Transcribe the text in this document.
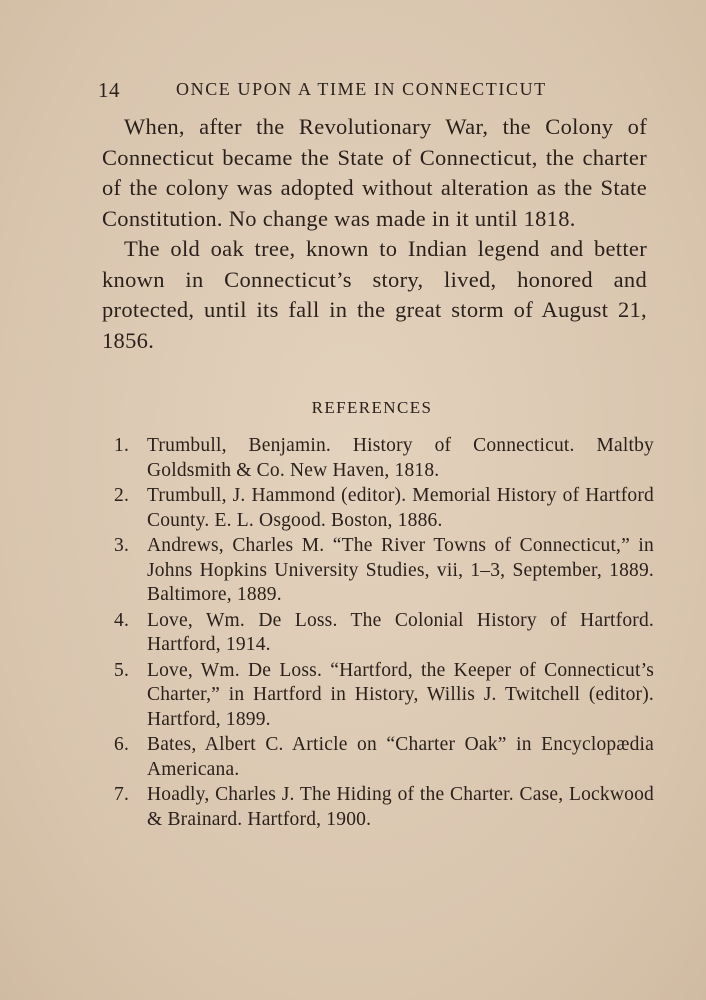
14	ONCE UPON A TIME IN CONNECTICUT

When, after the Revolutionary War, the Colony of Connecticut became the State of Connecticut, the charter of the colony was adopted without alteration as the State Constitution. No change was made in it until 1818.

The old oak tree, known to Indian legend and better known in Connecticut’s story, lived, honored and protected, until its fall in the great storm of August 21, 1856.

REFERENCES
1. Trumbull, Benjamin. History of Connecticut. Maltby Goldsmith & Co. New Haven, 1818.
2. Trumbull, J. Hammond (editor). Memorial History of Hartford County. E. L. Osgood. Boston, 1886.
3. Andrews, Charles M. “The River Towns of Connecticut,” in Johns Hopkins University Studies, vii, 1–3, September, 1889. Baltimore, 1889.
4. Love, Wm. De Loss. The Colonial History of Hartford. Hartford, 1914.
5. Love, Wm. De Loss. “Hartford, the Keeper of Connecticut’s Charter,” in Hartford in History, Willis J. Twitchell (editor). Hartford, 1899.
6. Bates, Albert C. Article on “Charter Oak” in Encyclopædia Americana.
7. Hoadly, Charles J. The Hiding of the Charter. Case, Lockwood & Brainard. Hartford, 1900.
